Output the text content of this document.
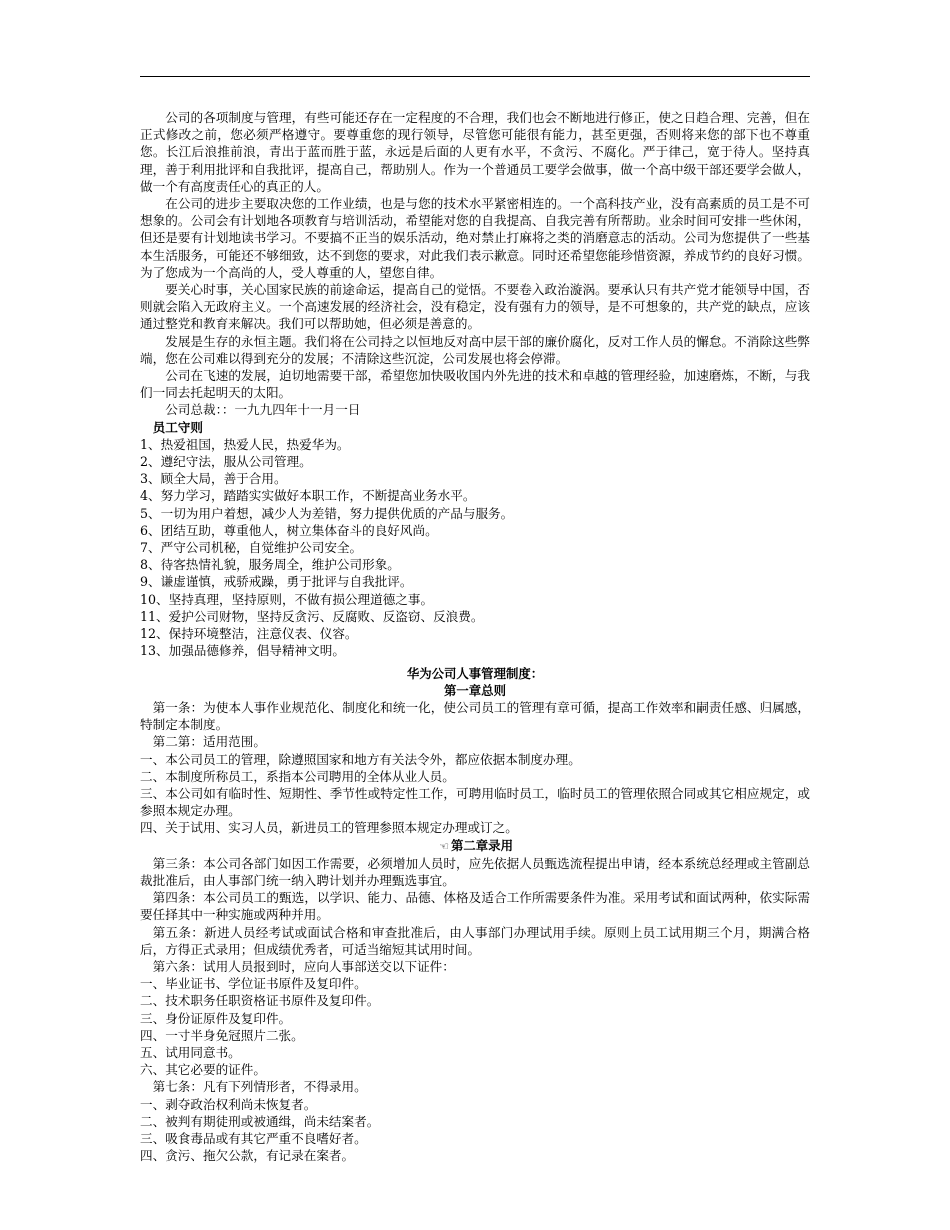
公司的各项制度与管理，有些可能还存在一定程度的不合理，我们也会不断地进行修正，使之日趋合理、完善，但在正式修改之前，您必须严格遵守。要尊重您的现行领导，尽管您可能很有能力，甚至更强，否则将来您的部下也不尊重您。长江后浪推前浪，青出于蓝而胜于蓝，永远是后面的人更有水平，不贪污、不腐化。严于律己，宽于待人。坚持真理，善于利用批评和自我批评，提高自己，帮助别人。作为一个普通员工要学会做事，做一个高中级干部还要学会做人，做一个有高度责任心的真正的人。

在公司的进步主要取决您的工作业绩，也是与您的技术水平紧密相连的。一个高科技产业，没有高素质的员工是不可想象的。公司会有计划地各项教育与培训活动，希望能对您的自我提高、自我完善有所帮助。业余时间可安排一些休闲，但还是要有计划地读书学习。不要搞不正当的娱乐活动，绝对禁止打麻将之类的消磨意志的活动。公司为您提供了一些基本生活服务，可能还不够细致，达不到您的要求，对此我们表示歉意。同时还希望您能珍惜资源，养成节约的良好习惯。为了您成为一个高尚的人，受人尊重的人，望您自律。

要关心时事，关心国家民族的前途命运，提高自己的觉悟。不要卷入政治漩涡。要承认只有共产党才能领导中国，否则就会陷入无政府主义。一个高速发展的经济社会，没有稳定，没有强有力的领导，是不可想象的，共产党的缺点，应该通过整党和教育来解决。我们可以帮助她，但必须是善意的。

发展是生存的永恒主题。我们将在公司持之以恒地反对高中层干部的廉价腐化，反对工作人员的懈怠。不消除这些弊端，您在公司难以得到充分的发展；不清除这些沉淀，公司发展也将会停滞。

公司在飞速的发展，迫切地需要干部，希望您加快吸收国内外先进的技术和卓越的管理经验，加速磨炼，不断，与我们一同去托起明天的太阳。

公司总裁：：一九九四年十一月一日

员工守则

1、热爱祖国，热爱人民，热爱华为。

2、遵纪守法，服从公司管理。

3、顾全大局，善于合用。

4、努力学习，踏踏实实做好本职工作，不断提高业务水平。

5、一切为用户着想，减少人为差错，努力提供优质的产品与服务。

6、团结互助，尊重他人，树立集体奋斗的良好风尚。

7、严守公司机秘，自觉维护公司安全。

8、待客热情礼貌，服务周全，维护公司形象。

9、谦虚谨慎，戒骄戒躁，勇于批评与自我批评。

10、坚持真理，坚持原则，不做有损公理道德之事。

11、爱护公司财物，坚持反贪污、反腐败、反盗窃、反浪费。

12、保持环境整洁，注意仪表、仪容。

13、加强品德修养，倡导精神文明。

华为公司人事管理制度：

第一章总则

第一条：为使本人事作业规范化、制度化和统一化，使公司员工的管理有章可循，提高工作效率和嗣责任感、归属感，特制定本制度。

第二第：适用范围。

一、本公司员工的管理，除遵照国家和地方有关法令外，都应依据本制度办理。

二、本制度所称员工，系指本公司聘用的全体从业人员。

三、本公司如有临时性、短期性、季节性或特定性工作，可聘用临时员工，临时员工的管理依照合同或其它相应规定，或参照本规定办理。

四、关于试用、实习人员，新进员工的管理参照本规定办理或订之。

☜ 第二章录用

第三条：本公司各部门如因工作需要，必须增加人员时，应先依据人员甄选流程提出申请，经本系统总经理或主管副总裁批准后，由人事部门统一纳入聘计划并办理甄选事宜。

第四条：本公司员工的甄选，以学识、能力、品德、体格及适合工作所需要条件为准。采用考试和面试两种，依实际需要任择其中一种实施或两种并用。

第五条：新进人员经考试或面试合格和审查批准后，由人事部门办理试用手续。原则上员工试用期三个月，期满合格后，方得正式录用；但成绩优秀者，可适当缩短其试用时间。

第六条：试用人员报到时，应向人事部送交以下证件：

一、毕业证书、学位证书原件及复印件。

二、技术职务任职资格证书原件及复印件。

三、身份证原件及复印件。

四、一寸半身免冠照片二张。

五、试用同意书。

六、其它必要的证件。

第七条：凡有下列情形者，不得录用。

一、剥夺政治权利尚未恢复者。

二、被判有期徒刑或被通缉，尚未结案者。

三、吸食毒品或有其它严重不良嗜好者。

四、贪污、拖欠公款，有记录在案者。
